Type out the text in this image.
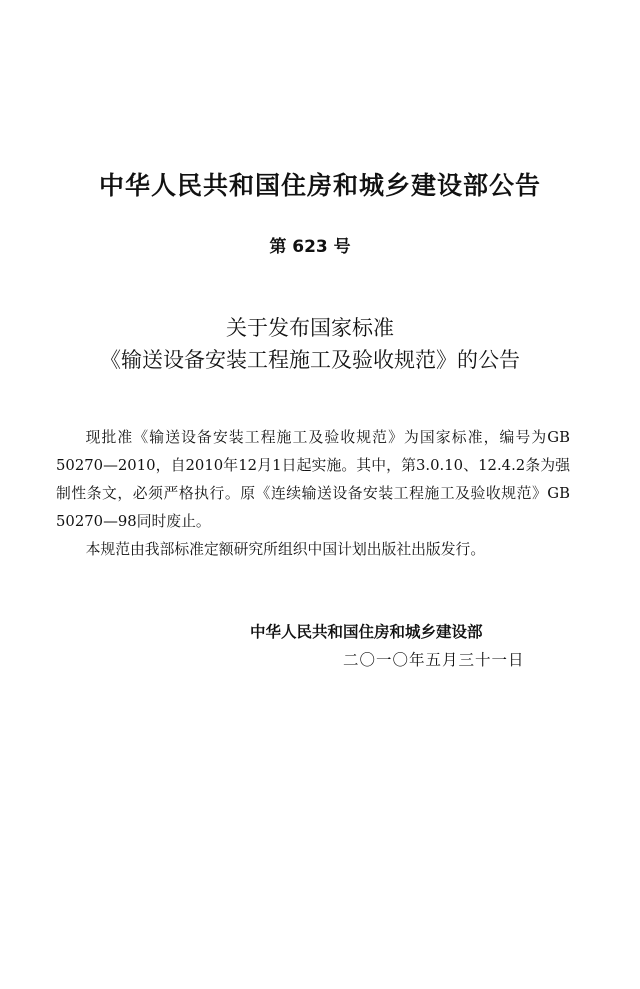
中华人民共和国住房和城乡建设部公告
第 623 号
关于发布国家标准
《输送设备安装工程施工及验收规范》的公告

现批准《输送设备安装工程施工及验收规范》为国家标准，编号为GB 50270—2010，自2010年12月1日起实施。其中，第3.0.10、12.4.2条为强制性条文，必须严格执行。原《连续输送设备安装工程施工及验收规范》GB 50270—98同时废止。

本规范由我部标准定额研究所组织中国计划出版社出版发行。

中华人民共和国住房和城乡建设部
二〇一〇年五月三十一日
